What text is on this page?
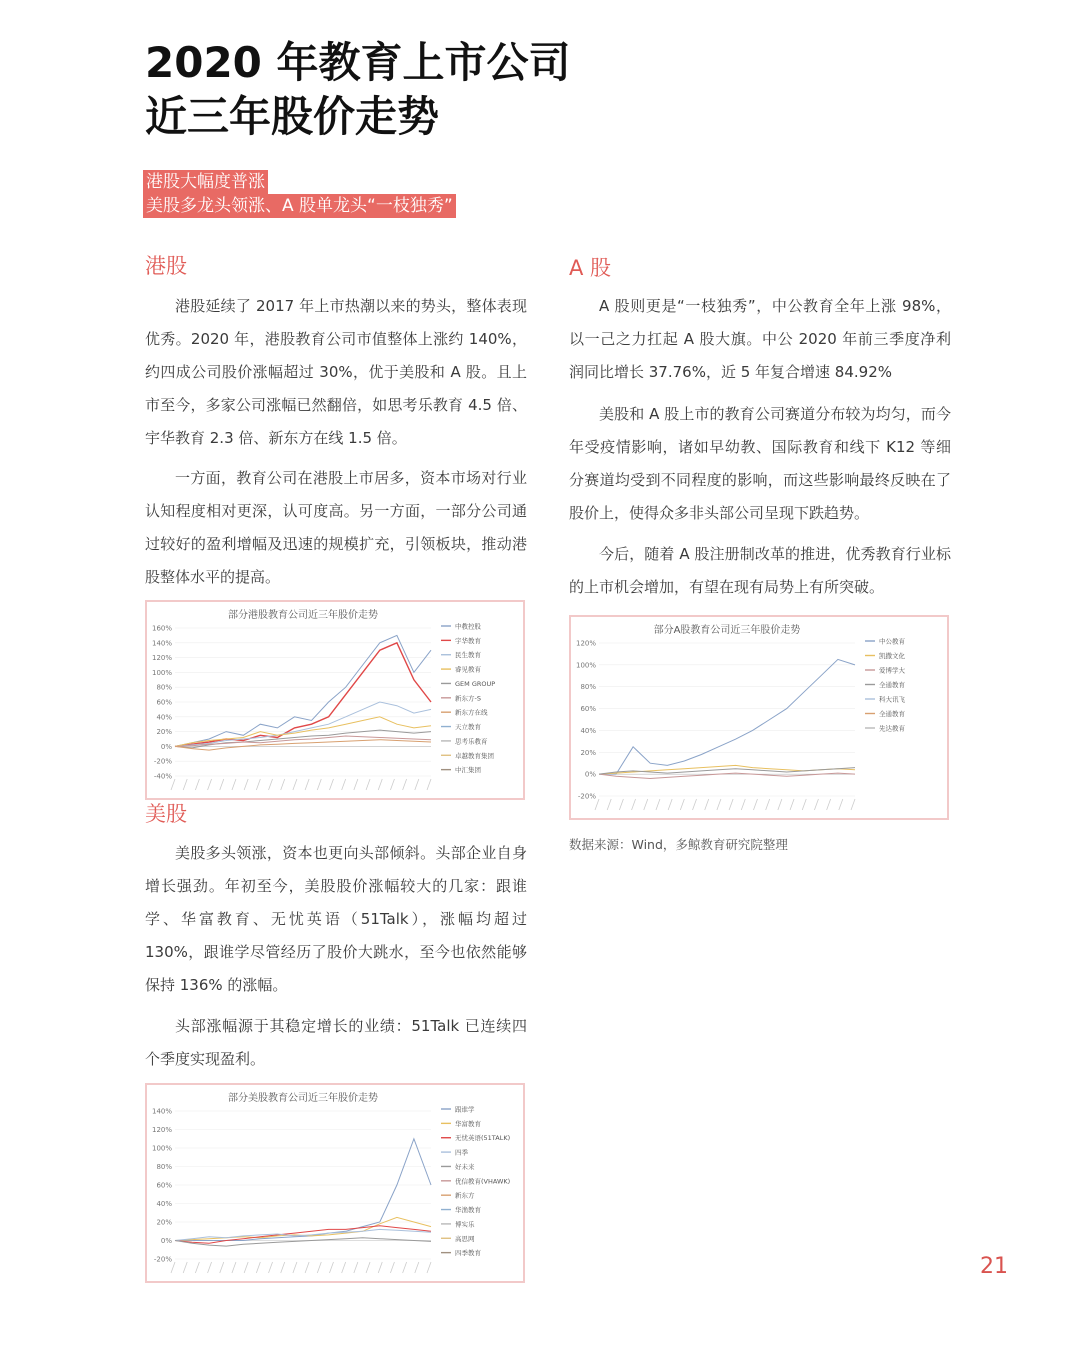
2020 年教育上市公司
近三年股价走势
港股大幅度普涨
美股多龙头领涨、A 股单龙头“一枝独秀”
港股

港股延续了 2017 年上市热潮以来的势头，整体表现优秀。2020 年，港股教育公司市值整体上涨约 140%，约四成公司股价涨幅超过 30%，优于美股和 A 股。且上市至今，多家公司涨幅已然翻倍，如思考乐教育 4.5 倍、宇华教育 2.3 倍、新东方在线 1.5 倍。

一方面，教育公司在港股上市居多，资本市场对行业认知程度相对更深，认可度高。另一方面，一部分公司通过较好的盈利增幅及迅速的规模扩充，引领板块，推动港股整体水平的提高。

部分港股教育公司近三年股价走势
-40%
-20%
0%
20%
40%
60%
80%
100%
120%
140%
160%	中教控股
宇华教育
民生教育
睿见教育
GEM GROUP
新东方-S
新东方在线
天立教育
思考乐教育
卓越教育集团
中汇集团
美股

美股多头领涨，资本也更向头部倾斜。头部企业自身增长强劲。年初至今，美股股价涨幅较大的几家：跟谁学、华富教育、无忧英语（51Talk），涨幅均超过 130%，跟谁学尽管经历了股价大跳水，至今也依然能够保持 136% 的涨幅。

头部涨幅源于其稳定增长的业绩：51Talk 已连续四个季度实现盈利。

部分美股教育公司近三年股价走势
-20%
0%
20%
40%
60%
80%
100%
120%
140%	跟谁学
华富教育
无忧英语(51TALK)
四季
好未来
优信教育(VHAWK)
新东方
华渔教育
博实乐
高思网
四季教育
A 股

A 股则更是“一枝独秀”，中公教育全年上涨 98%，以一己之力扛起 A 股大旗。中公 2020 年前三季度净利润同比增长 37.76%，近 5 年复合增速 84.92%

美股和 A 股上市的教育公司赛道分布较为均匀，而今年受疫情影响，诸如早幼教、国际教育和线下 K12 等细分赛道均受到不同程度的影响，而这些影响最终反映在了股价上，使得众多非头部公司呈现下跌趋势。

今后，随着 A 股注册制改革的推进，优秀教育行业标的上市机会增加，有望在现有局势上有所突破。

部分A股教育公司近三年股价走势
-20%
0%
20%
40%
60%
80%
100%
120%	中公教育
凯撒文化
爱博学大
全通教育
科大讯飞
全通教育
先达教育

数据来源：Wind，多鲸教育研究院整理

21
